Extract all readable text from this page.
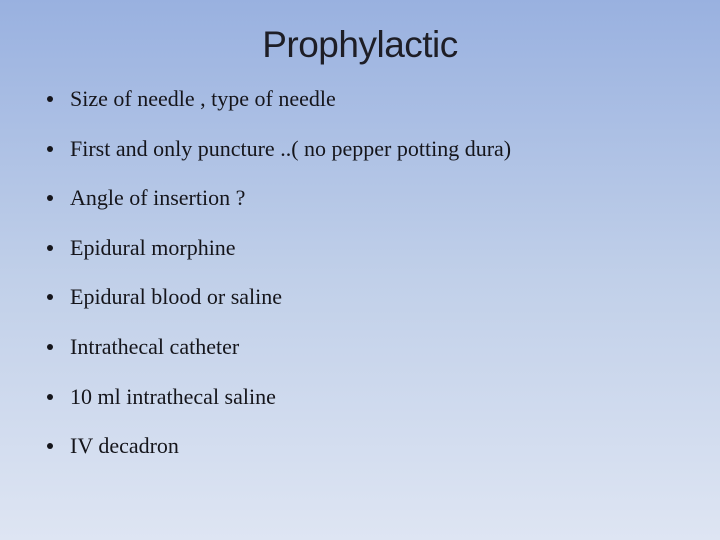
Prophylactic
Size of needle , type of needle
First and only puncture ..( no pepper potting dura)
Angle of insertion ?
Epidural morphine
Epidural blood or saline
Intrathecal catheter
10 ml intrathecal saline
IV decadron
